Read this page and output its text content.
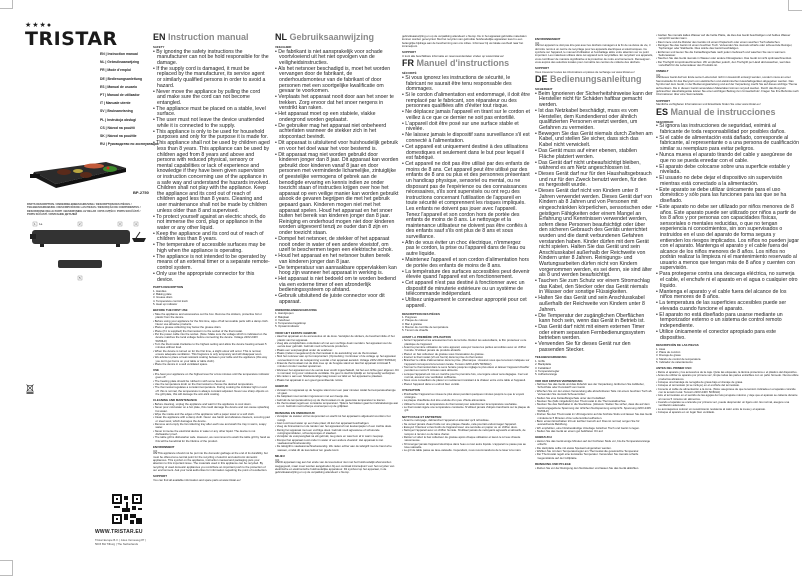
★★★●
TRISTAR
EN | Instruction manual
NL | Gebruiksaanwijzing
FR | Mode d'emploi
DE | Bedienungsanleitung
ES | Manual de usuario
PT | Manual de utilizador
IT | Manuale utente
SV | Bruksanvisning
PL | Instrukcja obsługi
CS | Návod na použití
SK | Návod na použitie
RU | Руководство по эксплуатации
BP-2750
PARTS DESCRIPTION / ONDERDELENBESCHRIJVING / DESCRIPTION DES PIÈCES / TEILEBESCHREIBUNG / DESCRIPCIÓN DE LAS PIEZAS / DESCRIÇÃO DE COMPONENTES / DESCRIZIONE DELLE PARTI / BESKRIVNING AV DELAR / OPIS CZĘŚCI / POPIS SOUČÁSTÍ / POPIS SÚČASTÍ / ОПИСАНИЕ ДЕТАЛЕЙ
1 1a	2	3	4
5
WWW.TRISTAR.EU
Tristar Europe B.V. | Jules Verneweg 87 | 5015 BH Tilburg | The Netherlands
EN Instruction manual
SAFETY
• By ignoring the safety instructions the manufacturer can not be hold responsible for the damage.
• If the supply cord is damaged, it must be replaced by the manufacturer, its service agent or similarly qualified persons in order to avoid a hazard.
• Never move the appliance by pulling the cord and make sure the cord can not become entangled.
• The appliance must be placed on a stable, level surface.
• The user must not leave the device unattended while it is connected to the supply.
• This appliance is only to be used for household purposes and only for the purpose it is made for.
• This appliance shall not be used by children aged less than 8 years. This appliance can be used by children aged from 8 years and above and persons with reduced physical, sensory or mental capabilities or lack of experience and knowledge if they have been given supervision or instruction concerning use of the appliance in a safe way and understand the hazards involved. Children shall not play with the appliance. Keep the appliance and its cord out of reach of children aged less than 8 years. Cleaning and user maintenance shall not be made by children unless older than 8 and supervised.
• To protect yourself against an electric shock, do not immerse the cord, plug or appliance in the water or any other liquid.
• Keep the appliance and its cord out of reach of children less than 8 years.
• The temperature of accessible surfaces may be high when the appliance is operating.
• The appliance is not intended to be operated by means of an external timer or a separate remote-control system.
• Only use the appropriate connector for this device.
PARTS DESCRIPTION
1. Handles
2. Baking plate
3. Grease drain
4. Temperature control knob
5. Heat up indicator
BEFORE THE FIRST USE
• Take the appliance and accessories out the box. Remove the stickers, protective foil or plastic from the device.
• Before using your appliance for the first time, wipe off all removable parts with a damp cloth. Never use abrasive products.
• Place a grease collecting tray below the grease drain.
• Place (if it is supplied) the thermostat in to the socket of the thermostat.
• Put the power cable into the socket. (Note: Make sure the voltage which is indicated on the device matches the local voltage before connecting the device. Voltage 220V-240V 50/60Hz)
• Turn the thermostat clockwise to the highest setting and allow the device heating at least 5 minutes without food.
• When the device is turned on for the first time, a slight odour will occur. This is normal, ensure adequate ventilation. This fragrance is only temporary and will disappear soon.
• We advise to place a heat resistant coating between your table and the appliance (this way you don't get burns on your table or table cloth).
• Place the device in a well ventilated space.
USE
• Pre-heat your appliance on the highest level for a few minutes until the temperature indicator goes off.
• The heating plate should be rubbed in with some food oil.
• Use the temperature knob on the thermostat to choose the desired temperature.
• The thermostat regulates a constant temperature. During cooking the indicator light on and off: this is normal, the temperature is always constant adjusted. Never use sharp objects on the grill plate, this will damage the anti-stick coating.
CLEANING AND MAINTENANCE
• Before cleaning, unplug the appliance and wait for the appliance to cool down.
• Never pour cold water on a hot plate, this could damage the device and can cause splashing hot water.
• Wipe the inside and the edges of the appliance with a paper towel or a soft cloth.
• Clean the appliance with a damp cloth. Never use harsh and abrasive cleaners, scouring pad or steel wool, which damages the device.
• Remove and empty the fat collecting tray after each use and wash the tray in warm, soapy water.
• Never immerse the electrical device in water or any other liquid. The device is not dishwasher proof.
• The table grill is dishwasher safe. However, we recommend to wash the table grill by hand as this will be beneficial for the lifetime of the product.
ENVIRONMENT
☒This appliance should not be put into the domestic garbage at the end of its durability, but must be offered at a central point for the recycling of electric and electronic domestic appliances. This symbol on the appliance, instruction manual and packaging puts your attention to this important issue. The materials used in this appliance can be recycled. By recycling of used domestic appliances you contribute an important push to the protection of our environment. Ask your local authorities for information regarding the point of recollection.
SUPPORT
You can find all available information and spare parts at www.tristar.eu!
NL Gebruiksaanwijzing
VEILIGHEID
• De fabrikant is niet aansprakelijk voor schade voortvloeiend uit het niet opvolgen van de veiligheidsinstructies.
• Als het netsnoer beschadigd is, moet het worden vervangen door de fabrikant, de onderhoudsmonteur van de fabrikant of door personen met een soortgelijke kwalificatie om gevaar te voorkomen.
• Verplaats het apparaat nooit door aan het snoer te trekken. Zorg ervoor dat het snoer nergens in verstrikt kan raken.
• Het apparaat moet op een stabiele, vlakke ondergrond worden geplaatst.
• De gebruiker mag het apparaat niet onbeheerd achterlaten wanneer de stekker zich in het stopcontact bevindt.
• Dit apparaat is uitsluitend voor huishoudelijk gebruik en voor het doel waar het voor bestemd is.
• Dit apparaat mag niet worden gebruikt door kinderen jonger dan 8 jaar. Dit apparaat kan worden gebruikt door kinderen vanaf 8 jaar en door personen met verminderde lichamelijke, zintuiglijke of geestelijke vermogens of gebrek aan de benodigde ervaring en kennis indien ze onder toezicht staan of instructies krijgen over hoe het apparaat op een veilige manier kan worden gebruikt alsook de gevaren begrijpen die met het gebruik gepaard gaan. Kinderen mogen niet met het apparaat spelen. Houd het apparaat en het snoer buiten het bereik van kinderen jonger dan 8 jaar. Reiniging en onderhoud mogen niet door kinderen worden uitgevoerd tenzij ze ouder dan 8 zijn en onder toezicht staan.
• Dompel het netsnoer, de stekker of het apparaat nooit onder in water of een andere vloeistof, om uzelf te beschermen tegen een elektrische schok.
• Houd het apparaat en het netsnoer buiten bereik van kinderen jonger dan 8 jaar.
• De temperatuur van aanraakbare oppervlakken kan hoog zijn wanneer het apparaat in werking is.
• Het apparaat is niet bedoeld om te worden bediend via een externe timer of een afzonderlijk bedieningssysteem op afstand.
• Gebruik uitsluitend de juiste connector voor dit apparaat.
ONDERDELENBESCHRIJVING
1. Handgrepen
2. Bakplaat
3. Vetafvoer
4. Temperatuurregelknop
5. Opwarmindicator
VOOR HET EERSTE GEBRUIK
• Haal het apparaat en de accessoires uit de doos. Verwijder de stickers, de beschermfolie of het plastic van het apparaat.
• Veeg alle verwijderbare onderdelen af met een vochtige doek voordat u het apparaat voor de eerste keer gebruikt. Gebruik nooit schurende producten.
• Plaats een vetopvangbak onder de vetafvoer.
• Plaats (indien meegeleverd) de thermostaat in de aansluiting van de thermostaat.
• Sluit het netsnoer aan op het stopcontact. (Opmerking: Controleer of de voltage op het apparaat overeenkomt met de netspanning voordat u het apparaat aansluit. Voltage 220V-240V 50/60Hz)
• Draai de thermostaat met de klok mee op de hoogste stand en laat het apparaat minimaal 5 minuten zonder voedsel opwarmen.
• Wanneer het apparaat voor de eerste keer wordt ingeschakeld, zal het een lichte geur afgeven. Dit is normaal; zorg voor voldoende ventilatie. De geur is slechts tijdelijk en zal spoedig verdwijnen.
• We raden u aan een hittebestendige laag tussen uw tafel en het apparaat te plaatsen.
• Plaats het apparaat in een goed geventileerde ruimte.
GEBRUIK
• Verwarm het apparaat op de hoogste stand voor een paar minuten totdat het temperatuurlampje uit gaat.
• De bakplaat moet worden ingewreven met een beetje olie.
• Gebruik de temperatuurknop op de thermostaat om de gewenste temperatuur te kiezen.
• De thermostaat regelt een constante temperatuur. Tijdens het bakken gaat het indicatielampje aan en uit. Gebruik nooit scherpe voorwerpen op de grillplaat.
REINIGING EN ONDERHOUD
• Verwijder de stekker uit het stopcontact en wacht tot het apparaat is afgekoeld voordat u het reinigt.
• Giet nooit koud water op een hete plaat; dit kan het apparaat beschadigen.
• Veeg de binnenkant en de randen van het apparaat af met keukenpapier of een zachte doek.
• Reinig het apparaat met een vochtige doek. Gebruik nooit agressieve of schurende reinigingsmiddelen, schuursponsjes of staalwol.
• Verwijder de vetopvangbak na elk gebruik, leeg deze en was hem af in warm zeepsop.
• Dompel het apparaat nooit onder in water of een andere vloeistof. Het apparaat is niet vaatwasmachinebestendig.
• De tafelgrill is vaatwasmachinebestendig. We raden echter aan de tafelgrill met de hand af te wassen, omdat dit de levensduur ten goede komt.
MILIEU
☒Dit apparaat mag aan het einde van de levensduur niet met het huishoudelijk afval worden weggegooid, maar moet worden aangeboden bij een centraal inzamelpunt voor het recyclen van elektrische en elektronische huishoudelijke apparatuur. Dit symbool op het apparaat, in de gebruiksaanwijzing en op de verpakking attendeert u hierop.
gebruiksaanwijzing en op de verpakking attendeert u hierop. De in het apparaat gebruikte materialen kunnen worden gerecycled. Met het recyclen van gebruikte huishoudelijke apparaten levert u een belangrijke bijdrage aan de bescherming van ons milieu. Informeer bij uw lokale overheid naar het inzamelpunt.
SUPPORT
U kunt alle beschikbare informatie en reserveonderdelen vinden op www.tristar.eu!
FR Manuel d'instructions
SÉCURITÉ
• Si vous ignorez les instructions de sécurité, le fabricant ne saurait être tenu responsable des dommages.
• Si le cordon d'alimentation est endommagé, il doit être remplacé par le fabricant, son réparateur ou des personnes qualifiées afin d'éviter tout risque.
• Ne déplacez jamais l'appareil en tirant sur le cordon et veillez à ce que ce dernier ne soit pas entortillé.
• L'appareil doit être posé sur une surface stable et nivelée.
• Ne laissez jamais le dispositif sans surveillance s'il est connecté à l'alimentation.
• Cet appareil est uniquement destiné à des utilisations domestiques et seulement dans le but pour lequel il est fabriqué.
• Cet appareil ne doit pas être utilisé par des enfants de moins de 8 ans. Cet appareil peut être utilisé par des enfants de 8 ans ou plus et des personnes présentant un handicap physique, sensoriel ou mental, ou ne disposant pas de l'expérience ou des connaissances nécessaires, s'ils sont supervisés ou ont reçu des instructions concernant l'utilisation de l'appareil en toute sécurité et comprennent les risques impliqués. Les enfants ne doivent pas jouer avec l'appareil. Tenez l'appareil et son cordon hors de portée des enfants de moins de 8 ans. Le nettoyage et la maintenance utilisateur ne doivent pas être confiés à des enfants sauf s'ils ont plus de 8 ans et sous surveillance.
• Afin de vous éviter un choc électrique, n'immergez pas le cordon, la prise ou l'appareil dans de l'eau ou autre liquide.
• Maintenez l'appareil et son cordon d'alimentation hors de portée des enfants de moins de 8 ans.
• La température des surfaces accessibles peut devenir élevée quand l'appareil est en fonctionnement.
• Cet appareil n'est pas destiné à fonctionner avec un dispositif de minuterie extérieure ou un système de télécommande indépendant.
• Utilisez uniquement le connecteur approprié pour cet appareil.
DESCRIPTION DES PIÈCES
1. Poignées
2. Plaque de cuisson
3. Bac à graisse
4. Bouton de contrôle de température
5. Témoin de chauffe
AVANT LA PREMIÈRE UTILISATION
• Sortez l'appareil et les accessoires hors de la boîte. Retirez les autocollants, le film protecteur ou le plastique de l'appareil.
• Avant la première utilisation de votre appareil, essuyez toutes les parties amovibles avec un chiffon humide. N'utilisez jamais de produits abrasifs.
• Placez un bac collecteur de graisse sous l'évacuation de graisse.
• Insérez le thermostat (s'il est fourni) dans la prise du thermostat.
• Branchez le câble d'alimentation dans la prise. (Remarque : Assurez-vous que la tension indiquée sur l'appareil correspond à la tension locale. Tension 220V-240V 50/60Hz)
• Tournez le thermostat dans le sens horaire jusqu'au réglage le plus élevé et laissez l'appareil chauffer pendant au moins 5 minutes sans aliments.
• Lorsque l'appareil est mis en marche pour la première fois, une légère odeur sera dégagée. Ceci est normal, assurez une ventilation suffisante.
• Nous vous conseillons de placer un revêtement résistant à la chaleur entre votre table et l'appareil.
• Placez l'appareil dans un endroit bien ventilé.
UTILISATION
• Préchauffez l'appareil au niveau le plus élevé pendant quelques minutes jusqu'à ce que le voyant s'éteigne.
• La plaque chauffante doit être enduite d'un peu d'huile alimentaire.
• Utilisez le bouton de température du thermostat pour sélectionner la température souhaitée.
• Le thermostat régule une température constante. N'utilisez jamais d'objets tranchants sur la plaque du gril.
NETTOYAGE ET ENTRETIEN
• Avant le nettoyage, débranchez l'appareil et attendez qu'il refroidisse.
• Ne versez jamais d'eau froide sur une plaque chaude, cela pourrait endommager l'appareil.
• Essuyez l'intérieur et les bords de l'appareil avec une serviette en papier ou un chiffon doux.
• Nettoyez l'appareil avec un chiffon humide. N'utilisez jamais de nettoyants agressifs et abrasifs, de tampon à récurer ou de laine d'acier.
• Retirez et videz le bac collecteur de graisse après chaque utilisation et lavez-le à l'eau chaude savonneuse.
• N'immergez jamais l'appareil électrique dans l'eau ou tout autre liquide. L'appareil ne passe pas au lave-vaisselle.
• Le gril de table passe au lave-vaisselle. Cependant, nous recommandons de le laver à la main.
ENVIRONNEMENT
☒Cet appareil ne doit pas être jeté avec les déchets ménagers à la fin de sa durée de vie, il doit être remis à un centre de recyclage pour les appareils électriques et électroniques. Ce symbole sur l'appareil, le manuel d'utilisation et l'emballage attire votre attention sur ce point important. Les matériaux utilisés dans cet appareil sont recyclables. En recyclant vos appareils, vous contribuez de manière significative à la protection de notre environnement. Renseignez-vous auprès des autorités locales pour connaître les centres de collecte des déchets.
SUPPORT
Vous trouverez toutes les informations et pièces de rechange sur www.tristar.eu !
DE Bedienungsanleitung
SICHERHEIT
• Beim Ignorieren der Sicherheitshinweise kann der Hersteller nicht für Schäden haftbar gemacht werden.
• Ist das Netzkabel beschädigt, muss es vom Hersteller, dem Kundendienst oder ähnlich qualifizierten Personen ersetzt werden, um Gefahren zu vermeiden.
• Bewegen Sie das Gerät niemals durch Ziehen am Kabel, und stellen Sie sicher, dass sich das Kabel nicht verwickelt.
• Das Gerät muss auf einer ebenen, stabilen Fläche platziert werden.
• Das Gerät darf nicht unbeaufsichtigt bleiben, während es am Netz angeschlossen ist.
• Dieses Gerät darf nur für den Haushaltsgebrauch und nur für den Zweck benutzt werden, für den es hergestellt wurde.
• Dieses Gerät darf nicht von Kindern unter 8 Jahren verwendet werden. Dieses Gerät darf von Kindern ab 8 Jahren und von Personen mit eingeschränkten körperlichen, sensorischen oder geistigen Fähigkeiten oder einem Mangel an Erfahrung und Kenntnissen verwendet werden, sofern diese Personen beaufsichtigt oder über den sicheren Gebrauch des Geräts unterrichtet wurden und die damit verbundenen Gefahren verstanden haben. Kinder dürfen mit dem Gerät nicht spielen. Halten Sie das Gerät und sein Anschlusskabel außerhalb der Reichweite von Kindern unter 8 Jahren. Reinigungs- und Wartungsarbeiten dürfen nicht von Kindern vorgenommen werden, es sei denn, sie sind älter als 8 und werden beaufsichtigt.
• Tauchen Sie zum Schutz vor einem Stromschlag das Kabel, den Stecker oder das Gerät niemals in Wasser oder sonstige Flüssigkeiten.
• Halten Sie das Gerät und sein Anschlusskabel außerhalb der Reichweite von Kindern unter 8 Jahren.
• Die Temperatur der zugänglichen Oberflächen kann hoch sein, wenn das Gerät in Betrieb ist.
• Das Gerät darf nicht mit einem externen Timer oder einem separaten Fernbedienungssystem betrieben werden.
• Verwenden Sie für dieses Gerät nur den passenden Stecker.
TEILEBESCHREIBUNG
1. Griffe
2. Backplatte
3. Fettablauf
4. Temperaturregler
5. Aufheizanzeige
VOR DER ERSTEN VERWENDUNG
• Nehmen Sie das Gerät und das Zubehör aus der Verpackung. Entfernen Sie Aufkleber, Schutzfolie oder Kunststoff vom Gerät.
• Wischen Sie vor der ersten Verwendung alle abnehmbaren Teile mit einem feuchten Tuch ab. Verwenden Sie niemals Scheuermittel.
• Stellen Sie eine Fettauffangschale unter den Fettablauf.
• Stecken Sie (falls mitgeliefert) den Thermostat in die Thermostatbuchse.
• Stecken Sie das Netzkabel in die Steckdose. (Hinweis: Stellen Sie sicher, dass die auf dem Gerät angegebene Spannung der örtlichen Netzspannung entspricht. Spannung 220V-240V 50/60Hz)
• Drehen Sie den Thermostat im Uhrzeigersinn auf die höchste Stufe und lassen Sie das Gerät mindestens 5 Minuten ohne Lebensmittel aufheizen.
• Beim ersten Einschalten tritt ein leichter Geruch auf. Dies ist normal; sorgen Sie für ausreichende Belüftung.
• Wir empfehlen, eine hitzebeständige Unterlage zwischen Tisch und Gerät zu legen.
• Stellen Sie das Gerät an einem gut belüfteten Ort auf.
GEBRAUCH
• Heizen Sie das Gerät einige Minuten auf der höchsten Stufe vor, bis die Temperaturanzeige erlischt.
• Die Heizplatte sollte mit etwas Speiseöl eingerieben werden.
• Wählen Sie mit dem Temperaturregler am Thermostat die gewünschte Temperatur.
• Der Thermostat regelt eine konstante Temperatur. Verwenden Sie niemals scharfe Gegenstände auf der Grillplatte.
REINIGUNG UND PFLEGE
• Ziehen Sie vor der Reinigung den Netzstecker und lassen Sie das Gerät abkühlen.
• Gießen Sie niemals kaltes Wasser auf die heiße Platte, da dies das Gerät beschädigen und heißes Wasser verspritzt werden kann.
• Das Innere und die Ränder des Geräts mit einem Papiertuch oder einem weichen Tuch abwischen.
• Reinigen Sie das Gerät mit einem feuchten Tuch. Verwenden Sie niemals scharfe oder scheuernde Reiniger, Topfreiniger oder Stahlwolle. Dies würde das Gerät beschädigen.
• Entfernen und leeren Sie die Fettauffangschale nach jedem Gebrauch und waschen Sie sie in warmem Seifenwasser.
• Tauchen Sie das Gerät niemals in Wasser oder andere Flüssigkeiten. Das Gerät ist nicht spülmaschinenfest.
• Der Tischgrill ist spülmaschinenfest. Wir empfehlen jedoch, den Tischgrill per Hand abzuwaschen, weil dies vorteilhaft für die Lebensdauer des Produkts ist.
UMWELT
☒Dieses Gerät darf am Ende seiner Lebenszeit nicht im Hausmüll entsorgt werden, sondern muss an einer Sammelstelle für das Recyceln von elektrischen und elektronischen Haushaltsgeräten abgegeben werden. Das Symbol auf dem Gerät, in der Bedienungsanleitung und auf der Verpackung macht Sie auf dieses wichtige Thema aufmerksam. Die in diesem Gerät verwendeten Materialien können recycelt werden. Durch das Recyceln gebrauchter Haushaltsgeräte leisten Sie einen wichtigen Beitrag zum Umweltschutz. Fragen Sie Ihre Behörde nach Informationen über eine Sammelstelle.
SUPPORT
Sämtliche verfügbaren Informationen und Ersatzteile finden Sie unter www.tristar.eu!
ES Manual de instrucciones
SEGURIDAD
• Si ignora las instrucciones de seguridad, eximirá al fabricante de toda responsabilidad por posibles daños.
• Si el cable de alimentación está dañado, corresponde al fabricante, al representante o a una persona de cualificación similar su reemplazo para evitar peligros.
• Nunca mueva el aparato tirando del cable y asegúrese de que no se pueda enredar con el cable.
• El aparato debe colocarse sobre una superficie estable y nivelada.
• El usuario no debe dejar el dispositivo sin supervisión mientras está conectado a la alimentación.
• Este aparato se debe utilizar únicamente para el uso doméstico y sólo para las funciones para las que se ha diseñado.
• Este aparato no debe ser utilizado por niños menores de 8 años. Este aparato puede ser utilizado por niños a partir de los 8 años y por personas con capacidades físicas, sensoriales o mentales reducidas, o que no tengan experiencia ni conocimientos, sin son supervisados o instruidos en el uso del aparato de forma segura y entienden los riesgos implicados. Los niños no pueden jugar con el aparato. Mantenga el aparato y el cable fuera del alcance de los niños menores de 8 años. Los niños no podrán realizar la limpieza ni el mantenimiento reservado al usuario a menos que tengan más de 8 años y cuenten con supervisión.
• Para protegerse contra una descarga eléctrica, no sumerja el cable, el enchufe ni el aparato en el agua o cualquier otro líquido.
• Mantenga el aparato y el cable fuera del alcance de los niños menores de 8 años.
• La temperatura de las superficies accesibles puede ser elevada cuando funcione el aparato.
• El aparato no está diseñado para usarse mediante un temporizador externo o un sistema de control remoto independiente.
• Utilice únicamente el conector apropiado para este dispositivo.
DESCRIPCIÓN DE LAS PIEZAS
1. Asas
2. Placa de cocción
3. Drenaje de grasa
4. Mando de control de temperatura
5. Indicador de calentamiento
ANTES DEL PRIMER USO
• Retire el aparato y los accesorios de la caja. Quite las etiquetas, la lámina protectora o el plástico del dispositivo.
• Antes de utilizar su aparato por primera vez, limpie todas las partes extraíbles con un paño húmedo. Nunca utilice productos abrasivos.
• Coloque una bandeja de recogida de grasa bajo el drenaje de grasa.
• Coloque el termostato (si se incluye) en el enchufe del termostato.
• Conecte el cable de alimentación a la toma. (Nota: asegúrese de que la tensión indicada en el aparato coincide con la tensión local. Tensión 220V-240V 50/60Hz)
• Gire el termostato en el sentido de las agujas del reloj al ajuste máximo y deje que el aparato se caliente durante al menos 5 minutos sin alimentos.
• Cuando el aparato se enciende por primera vez, puede desprender un ligero olor. Es normal, asegure una ventilación adecuada.
• Le aconsejamos colocar un revestimiento resistente al calor entre la mesa y el aparato.
• Coloque el aparato en un lugar bien ventilado.
